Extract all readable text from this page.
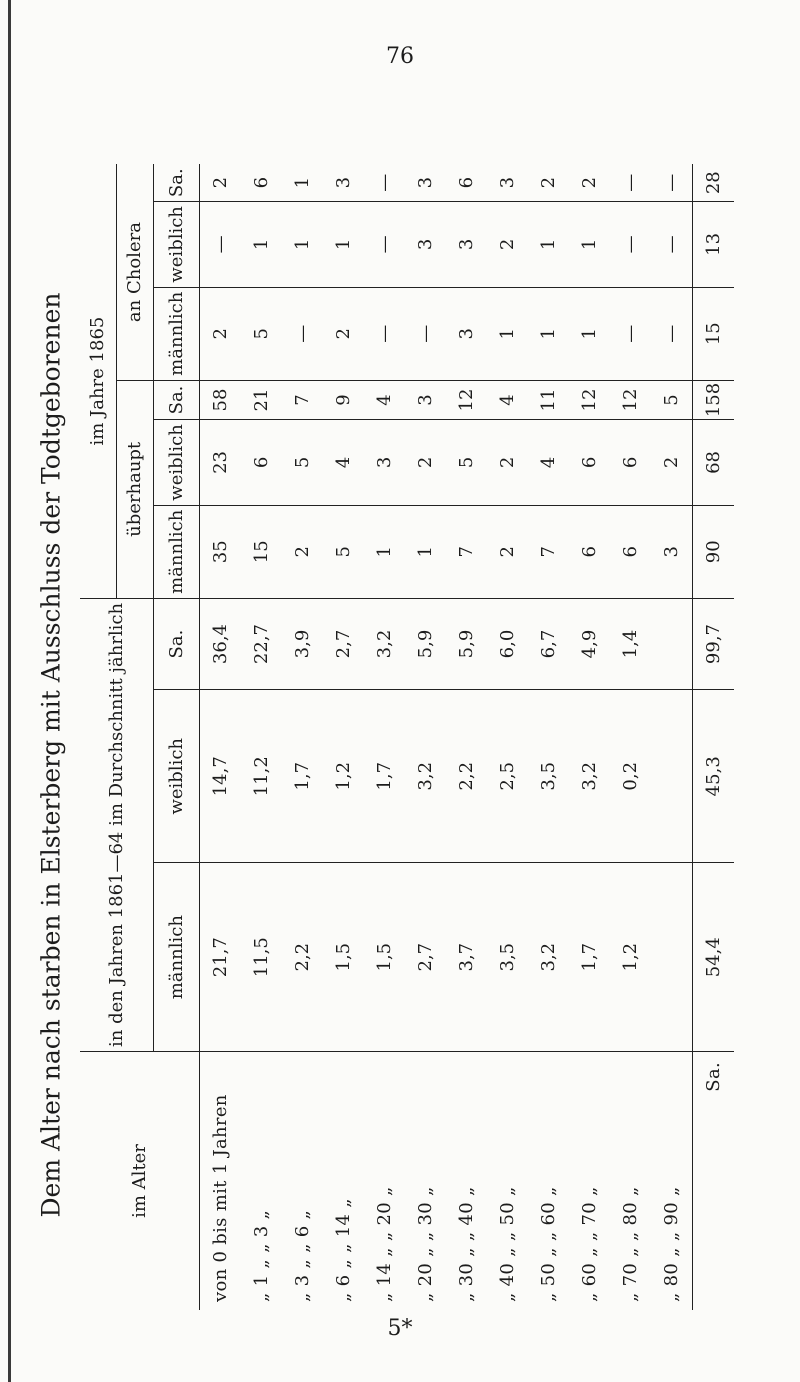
76
Dem Alter nach starben in Elsterberg mit Ausschluss der Todtgeborenen	im Alter	in den Jahren 1861—64 im Durchschnitt jährlich			im Jahre 1865					
				überhaupt			an Cholera		
	männlich	weiblich	Sa.	männlich	weiblich	Sa.	männlich	weiblich	Sa.
von 0 bis mit 1 Jahren	21,7	14,7	36,4	35	23	58	2	—	2
„ 1 „ „ 3 „	11,5	11,2	22,7	15	6	21	5	1	6
„ 3 „ „ 6 „	2,2	1,7	3,9	2	5	7	—	1	1
„ 6 „ „ 14 „	1,5	1,2	2,7	5	4	9	2	1	3
„ 14 „ „ 20 „	1,5	1,7	3,2	1	3	4	—	—	—
„ 20 „ „ 30 „	2,7	3,2	5,9	1	2	3	—	3	3
„ 30 „ „ 40 „	3,7	2,2	5,9	7	5	12	3	3	6
„ 40 „ „ 50 „	3,5	2,5	6,0	2	2	4	1	2	3
„ 50 „ „ 60 „	3,2	3,5	6,7	7	4	11	1	1	2
„ 60 „ „ 70 „	1,7	3,2	4,9	6	6	12	1	1	2
„ 70 „ „ 80 „	1,2	0,2	1,4	6	6	12	—	—	—
„ 80 „ „ 90 „				3	2	5	—	—	—
Sa.	54,4	45,3	99,7	90	68	158	15	13	28
5*
